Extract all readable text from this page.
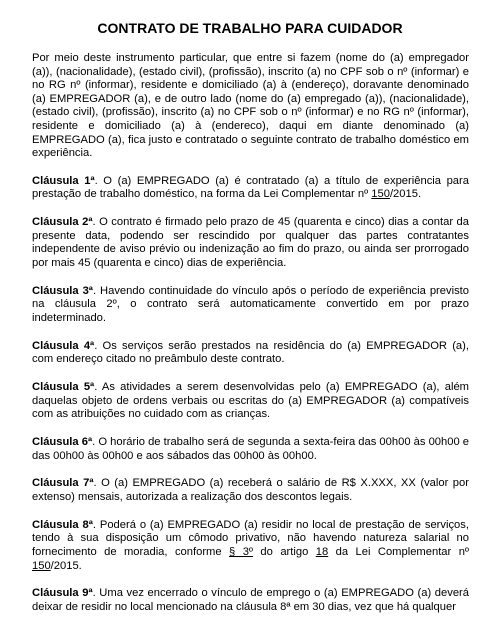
CONTRATO DE TRABALHO PARA CUIDADOR

Por meio deste instrumento particular, que entre si fazem (nome do (a) empregador (a)), (nacionalidade), (estado civil), (profissão), inscrito (a) no CPF sob o nº (informar) e no RG nº (informar), residente e domiciliado (a) à (endereço), doravante denominado (a) EMPREGADOR (a), e de outro lado (nome do (a) empregado (a)), (nacionalidade), (estado civil), (profissão), inscrito (a) no CPF sob o nº (informar) e no RG nº (informar), residente e domiciliado (a) à (endereco), daqui em diante denominado (a) EMPREGADO (a), fica justo e contratado o seguinte contrato de trabalho doméstico em experiência.

Cláusula 1ª. O (a) EMPREGADO (a) é contratado (a) a título de experiência para prestação de trabalho doméstico, na forma da Lei Complementar nº 150/2015.

Cláusula 2ª. O contrato é firmado pelo prazo de 45 (quarenta e cinco) dias a contar da presente data, podendo ser rescindido por qualquer das partes contratantes independente de aviso prévio ou indenização ao fim do prazo, ou ainda ser prorrogado por mais 45 (quarenta e cinco) dias de experiência.

Cláusula 3ª. Havendo continuidade do vínculo após o período de experiência previsto na cláusula 2º, o contrato será automaticamente convertido em por prazo indeterminado.

Cláusula 4ª. Os serviços serão prestados na residência do (a) EMPREGADOR (a), com endereço citado no preâmbulo deste contrato.

Cláusula 5ª. As atividades a serem desenvolvidas pelo (a) EMPREGADO (a), além daquelas objeto de ordens verbais ou escritas do (a) EMPREGADOR (a) compatíveis com as atribuições no cuidado com as crianças.

Cláusula 6ª. O horário de trabalho será de segunda a sexta-feira das 00h00 às 00h00 e das 00h00 às 00h00 e aos sábados das 00h00 às 00h00.

Cláusula 7ª. O (a) EMPREGADO (a) receberá o salário de R$ X.XXX, XX (valor por extenso) mensais, autorizada a realização dos descontos legais.

Cláusula 8ª. Poderá o (a) EMPREGADO (a) residir no local de prestação de serviços, tendo à sua disposição um cômodo privativo, não havendo natureza salarial no fornecimento de moradia, conforme § 3º do artigo 18 da Lei Complementar nº 150/2015.

Cláusula 9ª. Uma vez encerrado o vínculo de emprego o (a) EMPREGADO (a) deverá deixar de residir no local mencionado na cláusula 8ª em 30 dias, vez que há qualquer
